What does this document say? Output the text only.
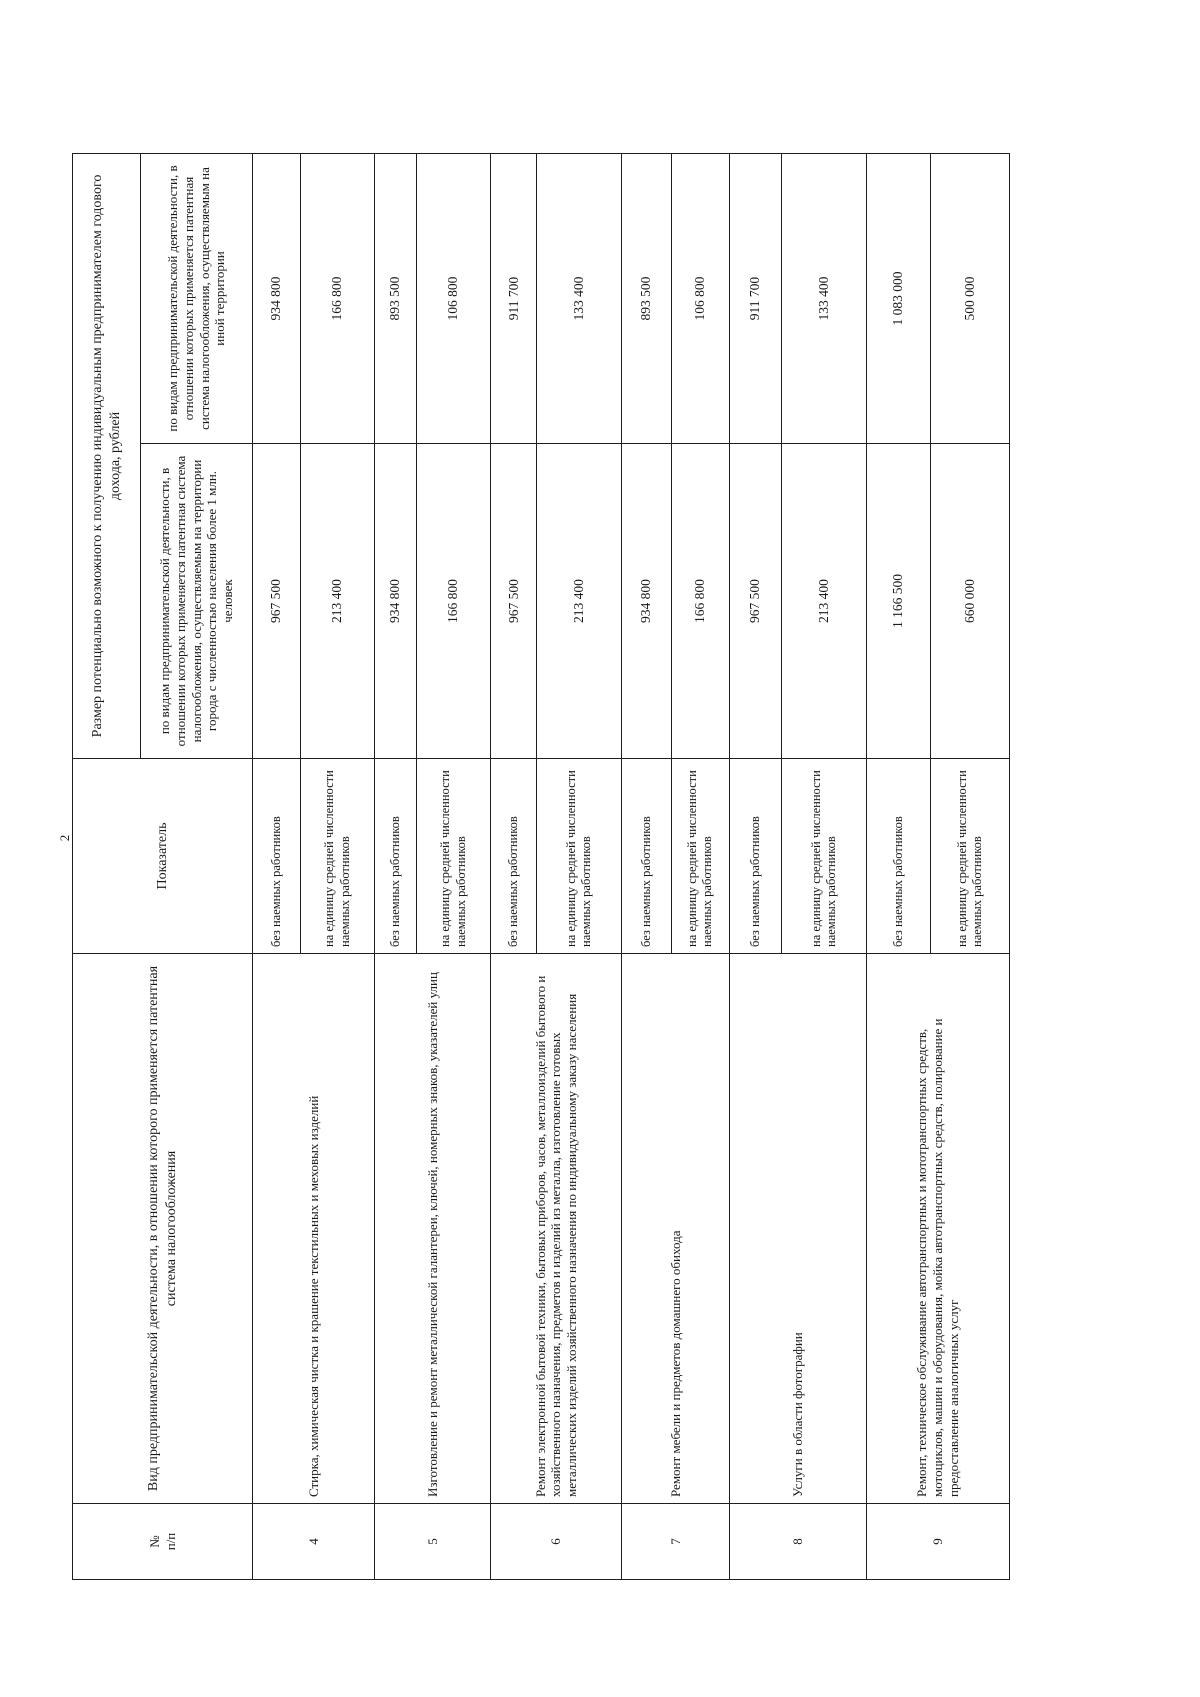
2
№
п/п	Вид предпринимательской деятельности, в отношении которого применяется патентная система налогообложения	Показатель	Размер потенциально возможного к получению индивидуальным предпринимателем годового дохода, рублей	
			по видам предпринимательской деятельности, в отношении которых применяется патентная система налогообложения, осуществляемым на территории города с численностью населения более 1 млн. человек	по видам предпринимательской деятельности, в отношении которых применяется патентная система налогообложения, осуществляемым на иной территории
4	Стирка, химическая чистка и крашение текстильных и меховых изделий	без наемных работников	967 500	934 800
		на единицу средней численности наемных работников	213 400	166 800
5	Изготовление и ремонт металлической галантереи, ключей, номерных знаков, указателей улиц	без наемных работников	934 800	893 500
		на единицу средней численности наемных работников	166 800	106 800
6	Ремонт электронной бытовой техники, бытовых приборов, часов, металлоизделий бытового и хозяйственного назначения, предметов и изделий из металла, изготовление готовых металлических изделий хозяйственного назначения по индивидуальному заказу населения	без наемных работников	967 500	911 700
		на единицу средней численности наемных работников	213 400	133 400
7	Ремонт мебели и предметов домашнего обихода	без наемных работников	934 800	893 500
		на единицу средней численности наемных работников	166 800	106 800
8	Услуги в области фотографии	без наемных работников	967 500	911 700
		на единицу средней численности наемных работников	213 400	133 400
9	Ремонт, техническое обслуживание автотранспортных и мототранспортных средств, мотоциклов, машин и оборудования, мойка автотранспортных средств, полирование и предоставление аналогичных услуг	без наемных работников	1 166 500	1 083 000
		на единицу средней численности наемных работников	660 000	500 000
